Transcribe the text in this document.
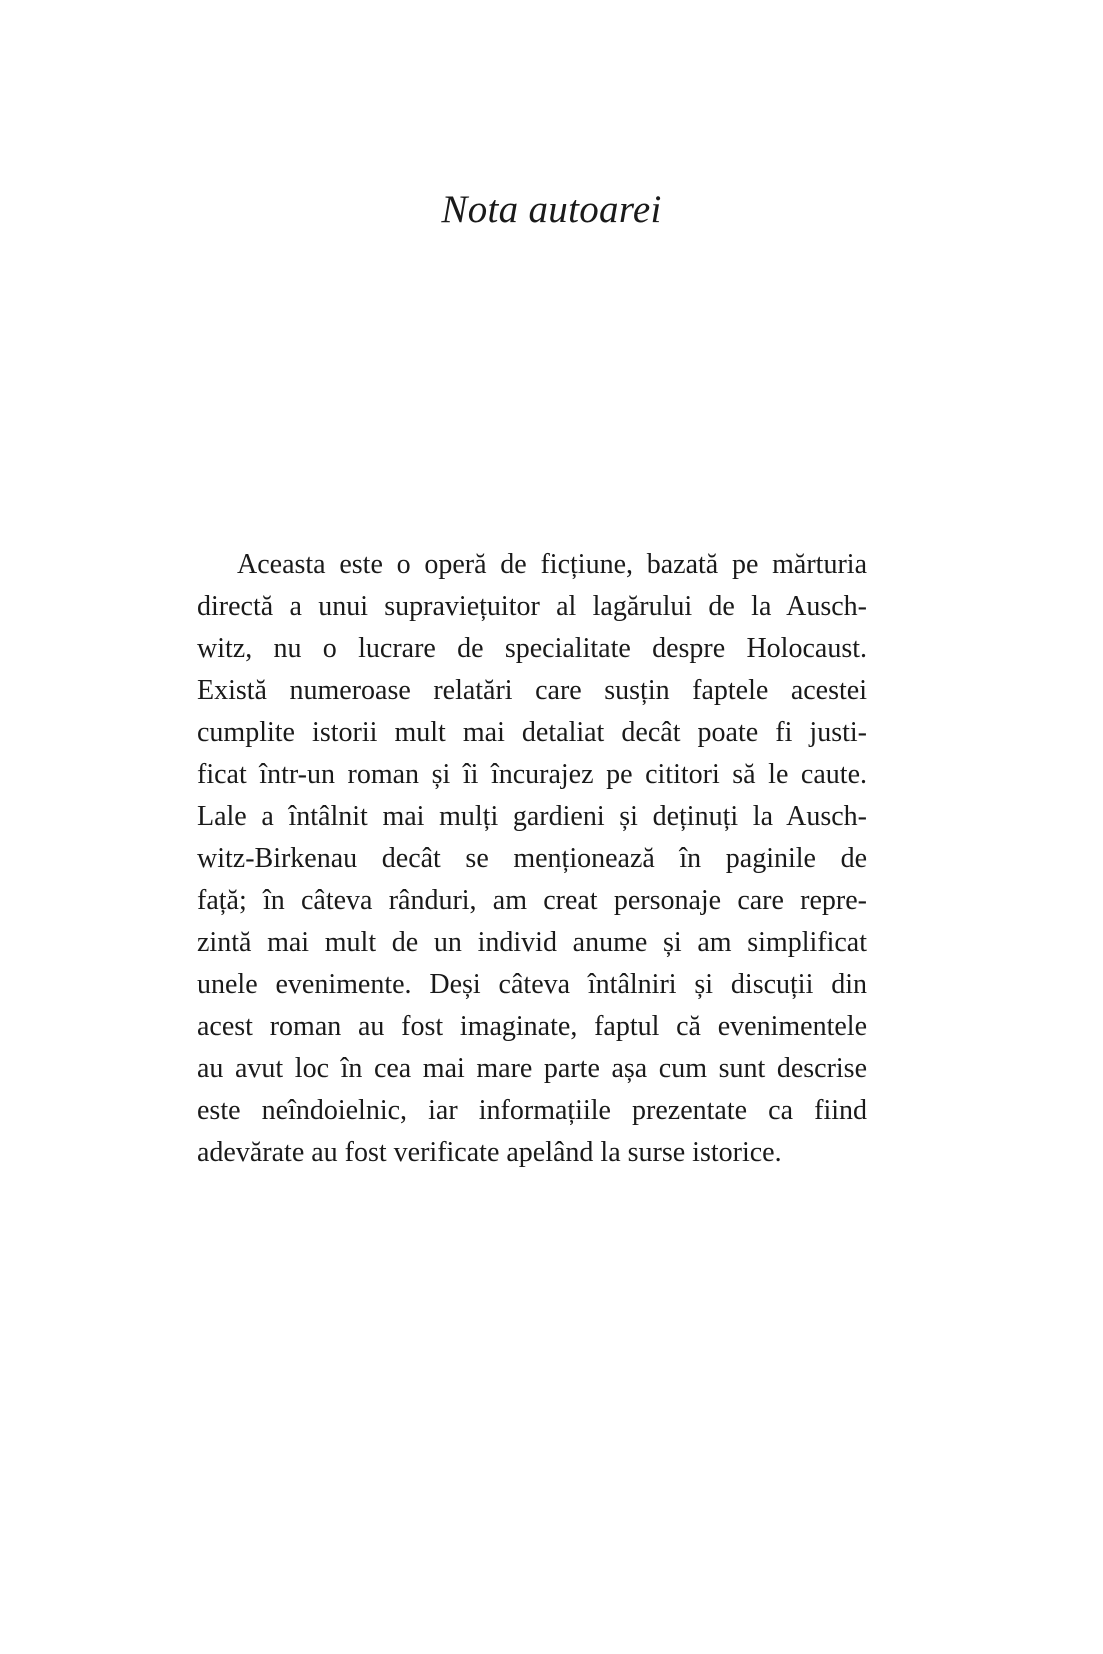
Nota autoarei
Aceasta este o operă de ficțiune, bazată pe mărturia
directă a unui supraviețuitor al lagărului de la Ausch-
witz, nu o lucrare de specialitate despre Holocaust.
Există numeroase relatări care susțin faptele acestei
cumplite istorii mult mai detaliat decât poate fi justi-
ficat într-un roman și îi încurajez pe cititori să le caute.
Lale a întâlnit mai mulți gardieni și deținuți la Ausch-
witz-Birkenau decât se menționează în paginile de
față; în câteva rânduri, am creat personaje care repre-
zintă mai mult de un individ anume și am simplificat
unele evenimente. Deși câteva întâlniri și discuții din
acest roman au fost imaginate, faptul că evenimentele
au avut loc în cea mai mare parte așa cum sunt descrise
este neîndoielnic, iar informațiile prezentate ca fiind
adevărate au fost verificate apelând la surse istorice.
